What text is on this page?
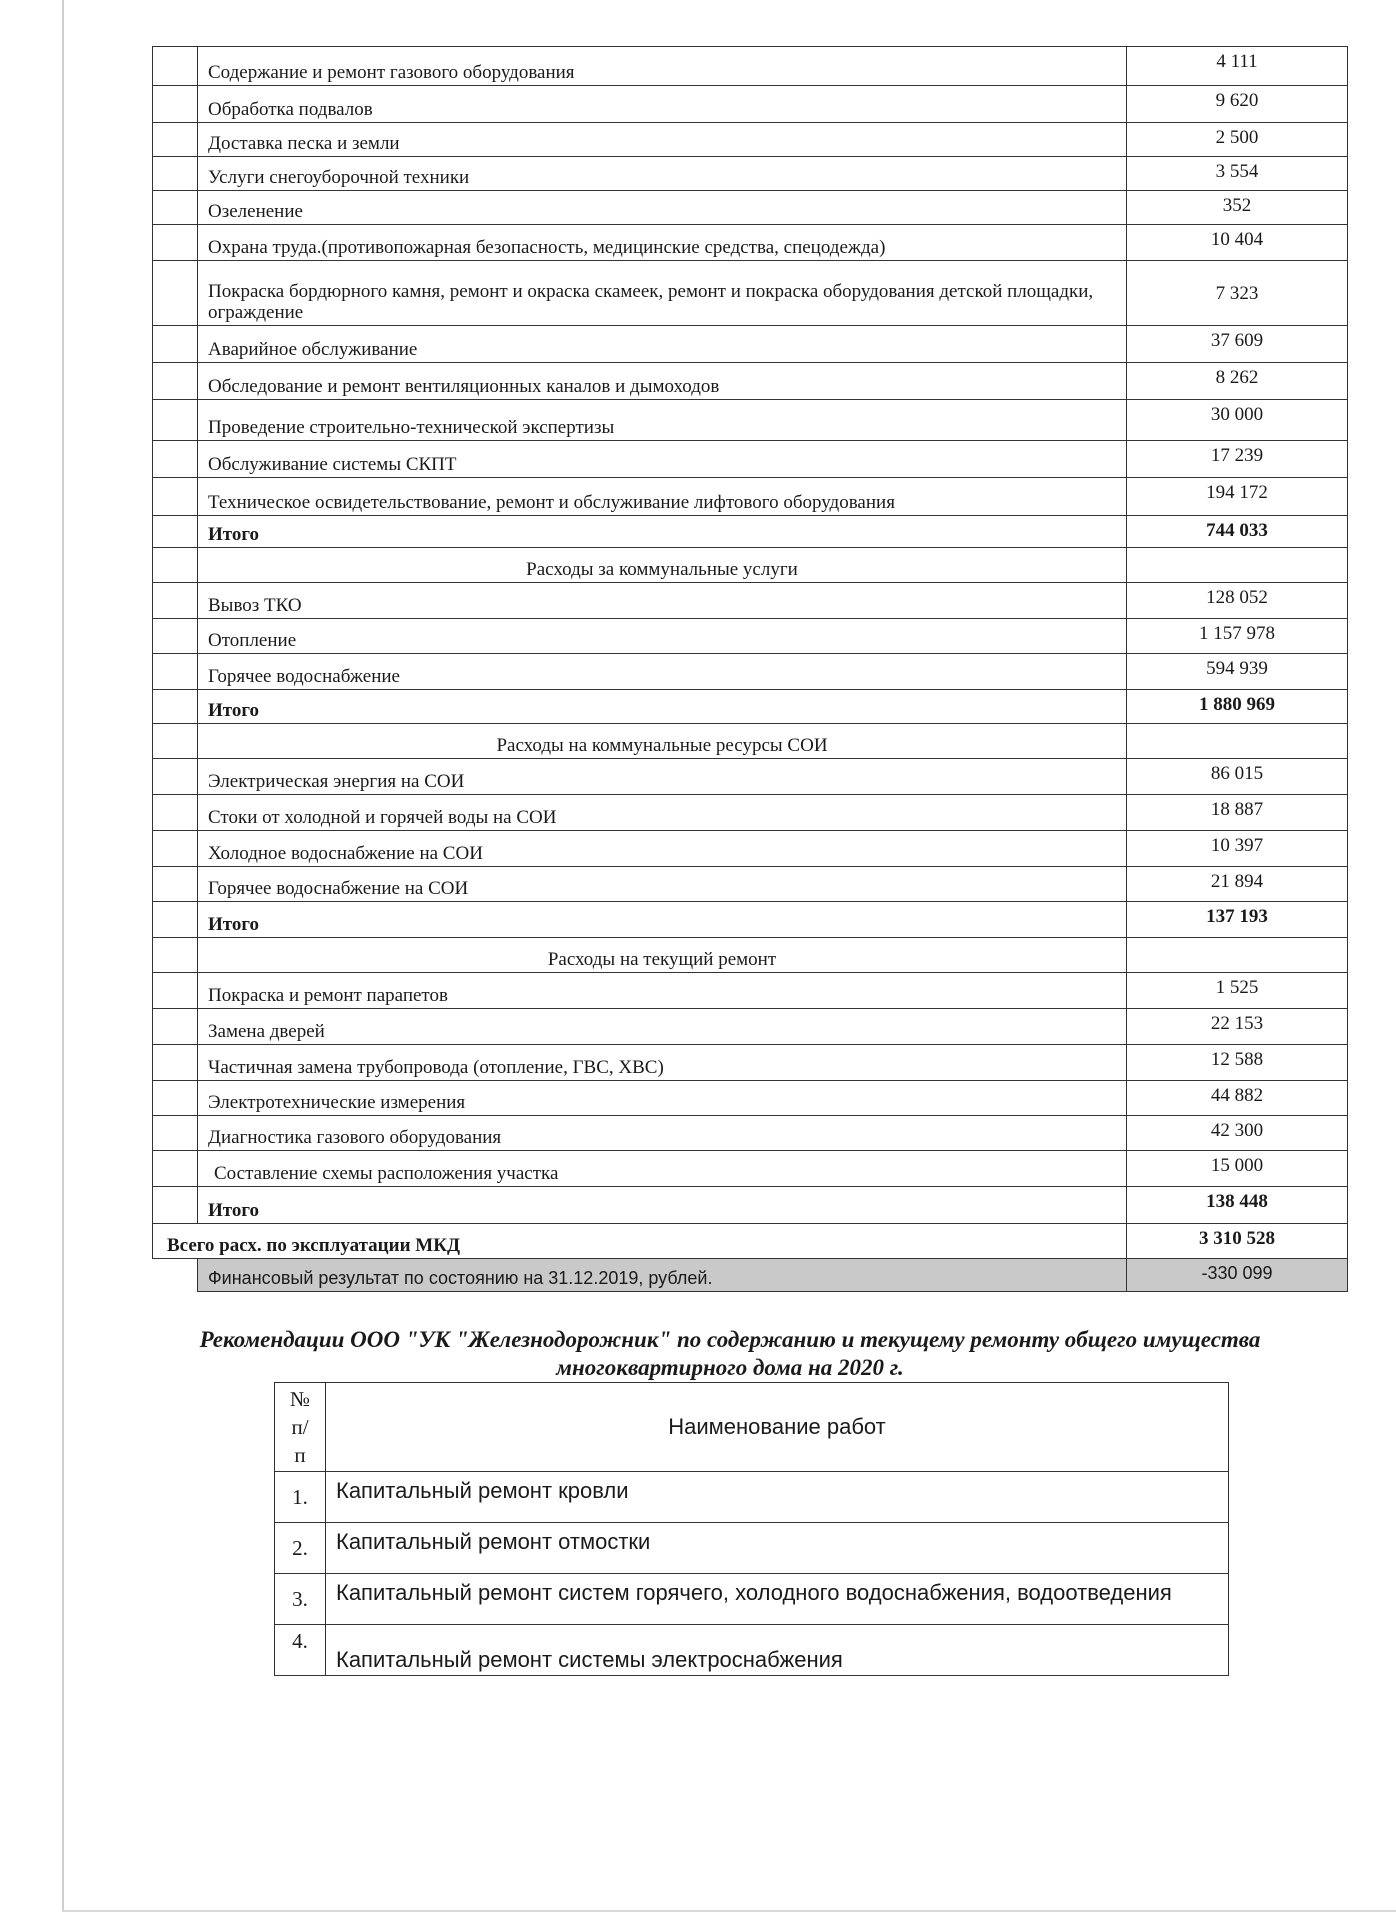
	Содержание и ремонт газового оборудования	4 111
	Обработка подвалов	9 620
	Доставка песка и земли	2 500
	Услуги снегоуборочной техники	3 554
	Озеленение	352
	Охрана труда.(противопожарная безопасность, медицинские средства, спецодежда)	10 404
	Покраска бордюрного камня, ремонт и окраска скамеек, ремонт и покраска оборудования детской площадки, ограждение	7 323
	Аварийное обслуживание	37 609
	Обследование и ремонт вентиляционных каналов и дымоходов	8 262
	Проведение строительно-технической экспертизы	30 000
	Обслуживание системы СКПТ	17 239
	Техническое освидетельствование, ремонт и обслуживание лифтового оборудования	194 172
	Итого	744 033
	Расходы за коммунальные услуги	
	Вывоз ТКО	128 052
	Отопление	1 157 978
	Горячее водоснабжение	594 939
	Итого	1 880 969
	Расходы на коммунальные ресурсы СОИ	
	Электрическая энергия на СОИ	86 015
	Стоки от холодной и горячей воды на СОИ	18 887
	Холодное водоснабжение на СОИ	10 397
	Горячее водоснабжение на СОИ	21 894
	Итого	137 193
	Расходы на текущий ремонт	
	Покраска и ремонт парапетов	1 525
	Замена дверей	22 153
	Частичная замена трубопровода (отопление, ГВС, ХВС)	12 588
	Электротехнические измерения	44 882
	Диагностика газового оборудования	42 300
	Составление схемы расположения участка	15 000
	Итого	138 448
Всего расх. по эксплуатации МКД		3 310 528
	Финансовый результат по состоянию на 31.12.2019, рублей.	-330 099
Рекомендации ООО "УК "Железнодорожник" по содержанию и текущему ремонту общего имущества многоквартирного дома на 2020 г.
№ п/ п	Наименование работ
1.	Капитальный ремонт кровли
2.	Капитальный ремонт отмостки
3.	Капитальный ремонт систем горячего, холодного водоснабжения, водоотведения
4.	Капитальный ремонт системы электроснабжения
